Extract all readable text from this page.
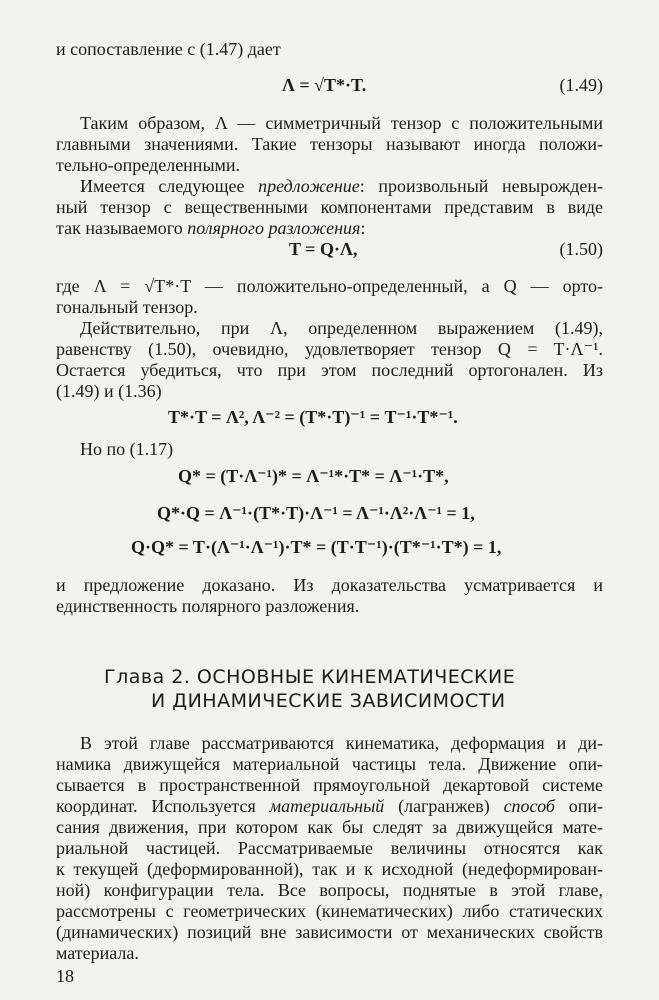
и сопоставление с (1.47) дает
Λ = √T*·T.	(1.49)
Таким образом, Λ — симметричный тензор с положительными
главными значениями. Такие тензоры называют иногда положи-
тельно-определенными.
Имеется следующее предложение: произвольный невырожден-
ный тензор с вещественными компонентами представим в виде
так называемого полярного разложения:
T = Q·Λ,	(1.50)
где Λ = √T*·T — положительно-определенный, а Q — орто-
гональный тензор.
Действительно, при Λ, определенном выражением (1.49),
равенству (1.50), очевидно, удовлетворяет тензор Q = T·Λ⁻¹.
Остается убедиться, что при этом последний ортогонален. Из
(1.49) и (1.36)
T*·T = Λ², Λ⁻² = (T*·T)⁻¹ = T⁻¹·T*⁻¹.
Но по (1.17)
Q* = (T·Λ⁻¹)* = Λ⁻¹*·T* = Λ⁻¹·T*,
Q*·Q = Λ⁻¹·(T*·T)·Λ⁻¹ = Λ⁻¹·Λ²·Λ⁻¹ = 1,
Q·Q* = T·(Λ⁻¹·Λ⁻¹)·T* = (T·T⁻¹)·(T*⁻¹·T*) = 1,
и предложение доказано. Из доказательства усматривается и
единственность полярного разложения.
Глава 2. ОСНОВНЫЕ КИНЕМАТИЧЕСКИЕ
И ДИНАМИЧЕСКИЕ ЗАВИСИМОСТИ
В этой главе рассматриваются кинематика, деформация и ди-
намика движущейся материальной частицы тела. Движение опи-
сывается в пространственной прямоугольной декартовой системе
координат. Используется материальный (лагранжев) способ опи-
сания движения, при котором как бы следят за движущейся мате-
риальной частицей. Рассматриваемые величины относятся как
к текущей (деформированной), так и к исходной (недеформирован-
ной) конфигурации тела. Все вопросы, поднятые в этой главе,
рассмотрены с геометрических (кинематических) либо статических
(динамических) позиций вне зависимости от механических свойств
материала.
18
